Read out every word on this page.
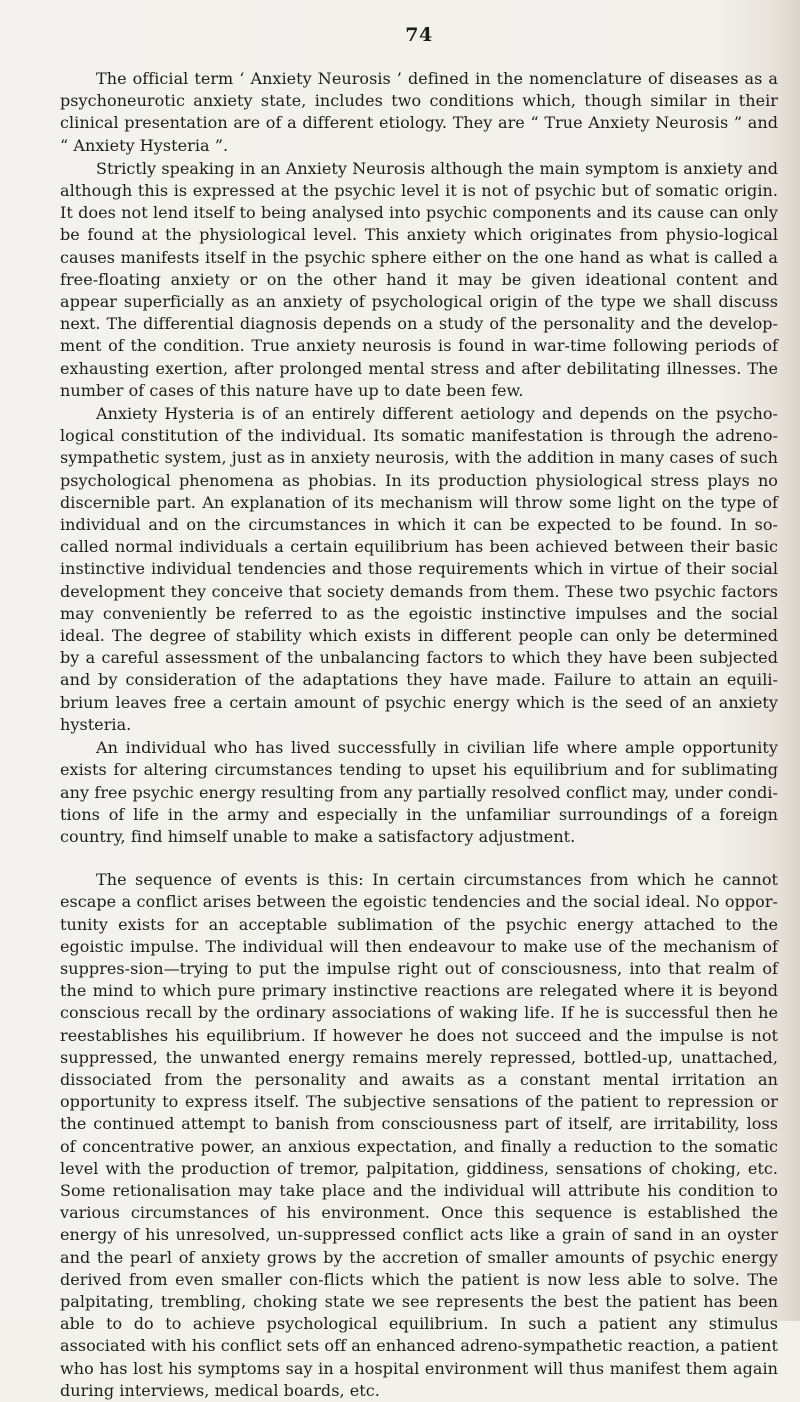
74

The official term ‘ Anxiety Neurosis ’ defined in the nomenclature of diseases as a psychoneurotic anxiety state, includes two conditions which, though similar in their clinical presentation are of a different etiology. They are “ True Anxiety Neurosis ” and “ Anxiety Hysteria ”.

Strictly speaking in an Anxiety Neurosis although the main symptom is anxiety and although this is expressed at the psychic level it is not of psychic but of somatic origin. It does not lend itself to being analysed into psychic components and its cause can only be found at the physiological level. This anxiety which originates from physio-logical causes manifests itself in the psychic sphere either on the one hand as what is called a free-floating anxiety or on the other hand it may be given ideational content and appear superficially as an anxiety of psychological origin of the type we shall discuss next. The differential diagnosis depends on a study of the personality and the develop-ment of the condition. True anxiety neurosis is found in war-time following periods of exhausting exertion, after prolonged mental stress and after debilitating illnesses. The number of cases of this nature have up to date been few.

Anxiety Hysteria is of an entirely different aetiology and depends on the psycho-logical constitution of the individual. Its somatic manifestation is through the adreno-sympathetic system, just as in anxiety neurosis, with the addition in many cases of such psychological phenomena as phobias. In its production physiological stress plays no discernible part. An explanation of its mechanism will throw some light on the type of individual and on the circumstances in which it can be expected to be found. In so-called normal individuals a certain equilibrium has been achieved between their basic instinctive individual tendencies and those requirements which in virtue of their social development they conceive that society demands from them. These two psychic factors may conveniently be referred to as the egoistic instinctive impulses and the social ideal. The degree of stability which exists in different people can only be determined by a careful assessment of the unbalancing factors to which they have been subjected and by consideration of the adaptations they have made. Failure to attain an equili-brium leaves free a certain amount of psychic energy which is the seed of an anxiety hysteria.

An individual who has lived successfully in civilian life where ample opportunity exists for altering circumstances tending to upset his equilibrium and for sublimating any free psychic energy resulting from any partially resolved conflict may, under condi-tions of life in the army and especially in the unfamiliar surroundings of a foreign country, find himself unable to make a satisfactory adjustment.

The sequence of events is this: In certain circumstances from which he cannot escape a conflict arises between the egoistic tendencies and the social ideal. No oppor-tunity exists for an acceptable sublimation of the psychic energy attached to the egoistic impulse. The individual will then endeavour to make use of the mechanism of suppres-sion—trying to put the impulse right out of consciousness, into that realm of the mind to which pure primary instinctive reactions are relegated where it is beyond conscious recall by the ordinary associations of waking life. If he is successful then he reestablishes his equilibrium. If however he does not succeed and the impulse is not suppressed, the unwanted energy remains merely repressed, bottled-up, unattached, dissociated from the personality and awaits as a constant mental irritation an opportunity to express itself. The subjective sensations of the patient to repression or the continued attempt to banish from consciousness part of itself, are irritability, loss of concentrative power, an anxious expectation, and finally a reduction to the somatic level with the production of tremor, palpitation, giddiness, sensations of choking, etc. Some retionalisation may take place and the individual will attribute his condition to various circumstances of his environment. Once this sequence is established the energy of his unresolved, un-suppressed conflict acts like a grain of sand in an oyster and the pearl of anxiety grows by the accretion of smaller amounts of psychic energy derived from even smaller con-flicts which the patient is now less able to solve. The palpitating, trembling, choking state we see represents the best the patient has been able to do to achieve psychological equilibrium. In such a patient any stimulus associated with his conflict sets off an enhanced adreno-sympathetic reaction, a patient who has lost his symptoms say in a hospital environment will thus manifest them again during interviews, medical boards, etc.
